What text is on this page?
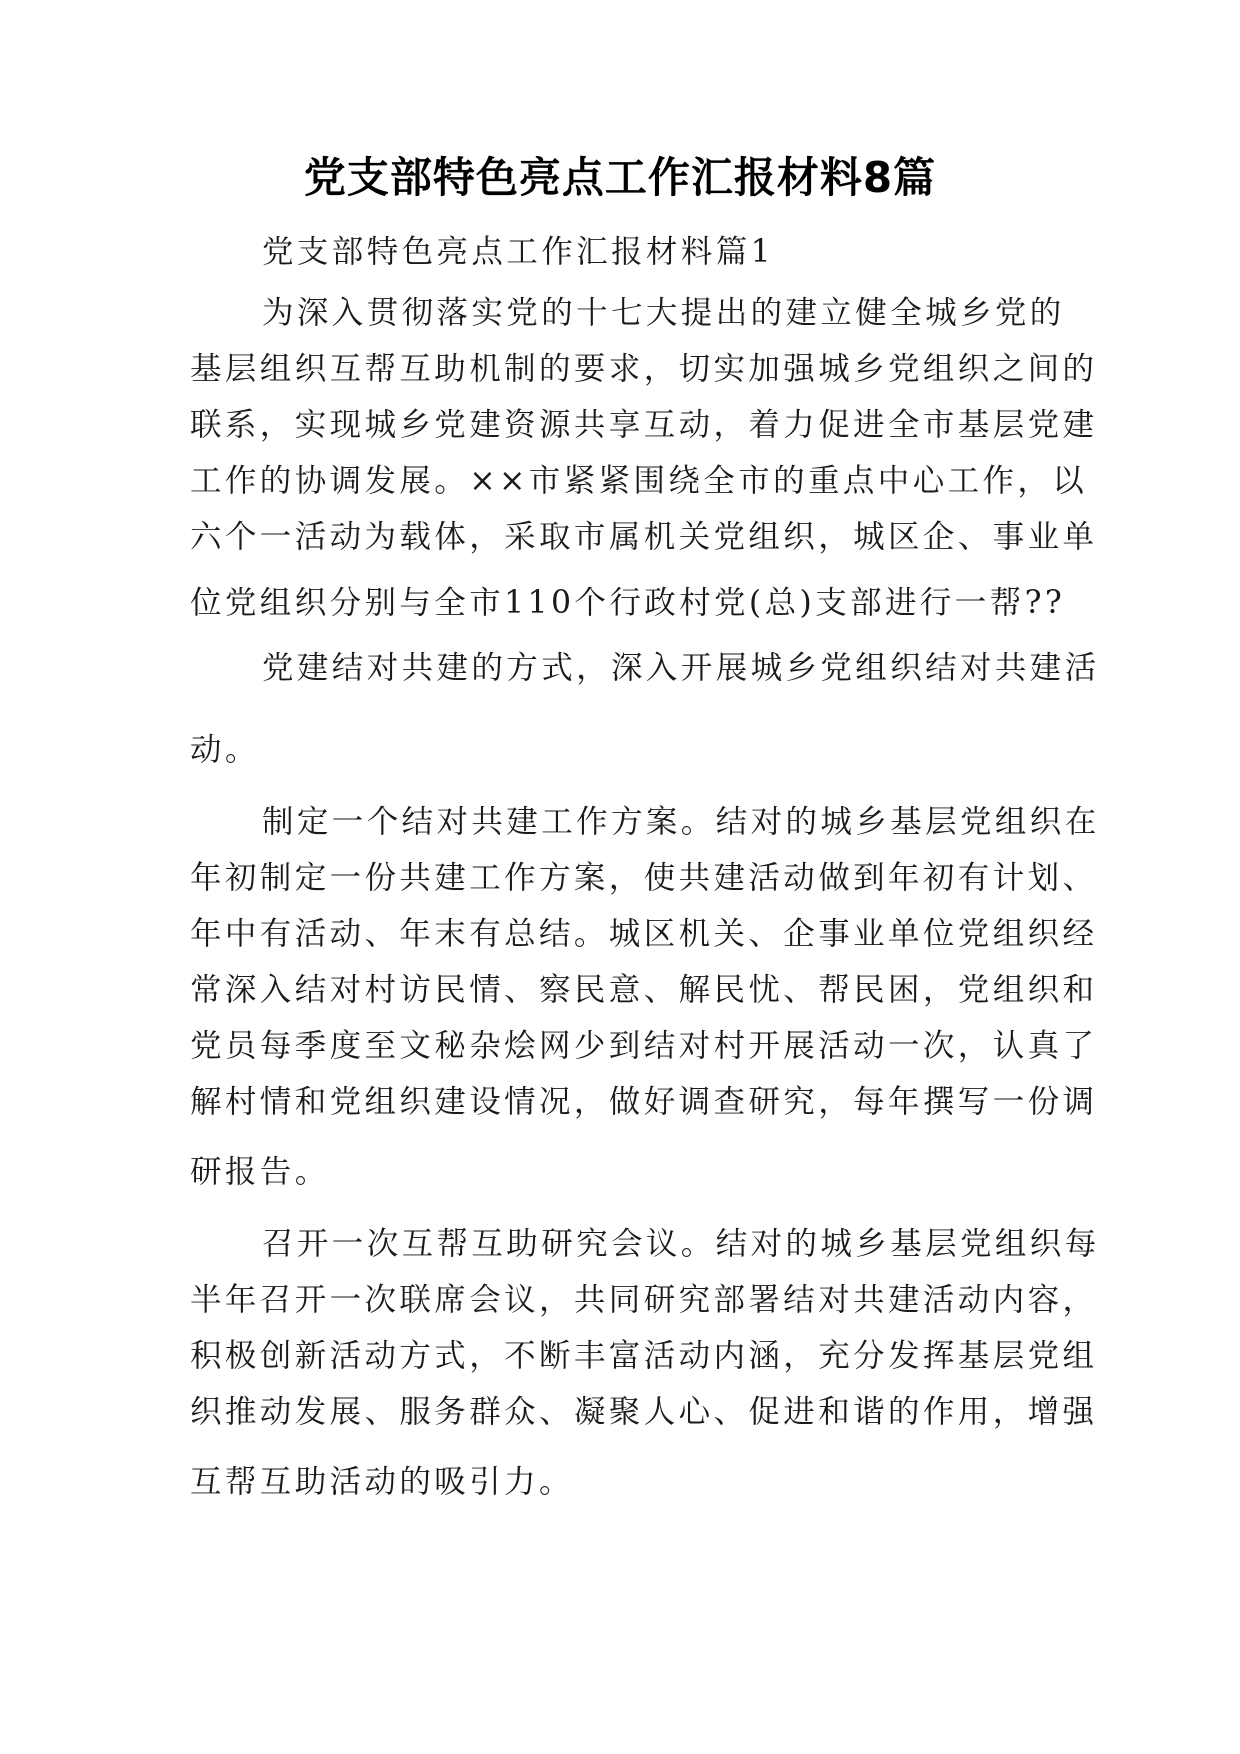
党支部特色亮点工作汇报材料8篇
党支部特色亮点工作汇报材料篇1
为深入贯彻落实党的十七大提出的建立健全城乡党的
基层组织互帮互助机制的要求，切实加强城乡党组织之间的
联系，实现城乡党建资源共享互动，着力促进全市基层党建
工作的协调发展。××市紧紧围绕全市的重点中心工作，以
六个一活动为载体，采取市属机关党组织，城区企、事业单
位党组织分别与全市110个行政村党(总)支部进行一帮??
党建结对共建的方式，深入开展城乡党组织结对共建活
动。
制定一个结对共建工作方案。结对的城乡基层党组织在
年初制定一份共建工作方案，使共建活动做到年初有计划、
年中有活动、年末有总结。城区机关、企事业单位党组织经
常深入结对村访民情、察民意、解民忧、帮民困，党组织和
党员每季度至文秘杂烩网少到结对村开展活动一次，认真了
解村情和党组织建设情况，做好调查研究，每年撰写一份调
研报告。
召开一次互帮互助研究会议。结对的城乡基层党组织每
半年召开一次联席会议，共同研究部署结对共建活动内容，
积极创新活动方式，不断丰富活动内涵，充分发挥基层党组
织推动发展、服务群众、凝聚人心、促进和谐的作用，增强
互帮互助活动的吸引力。
